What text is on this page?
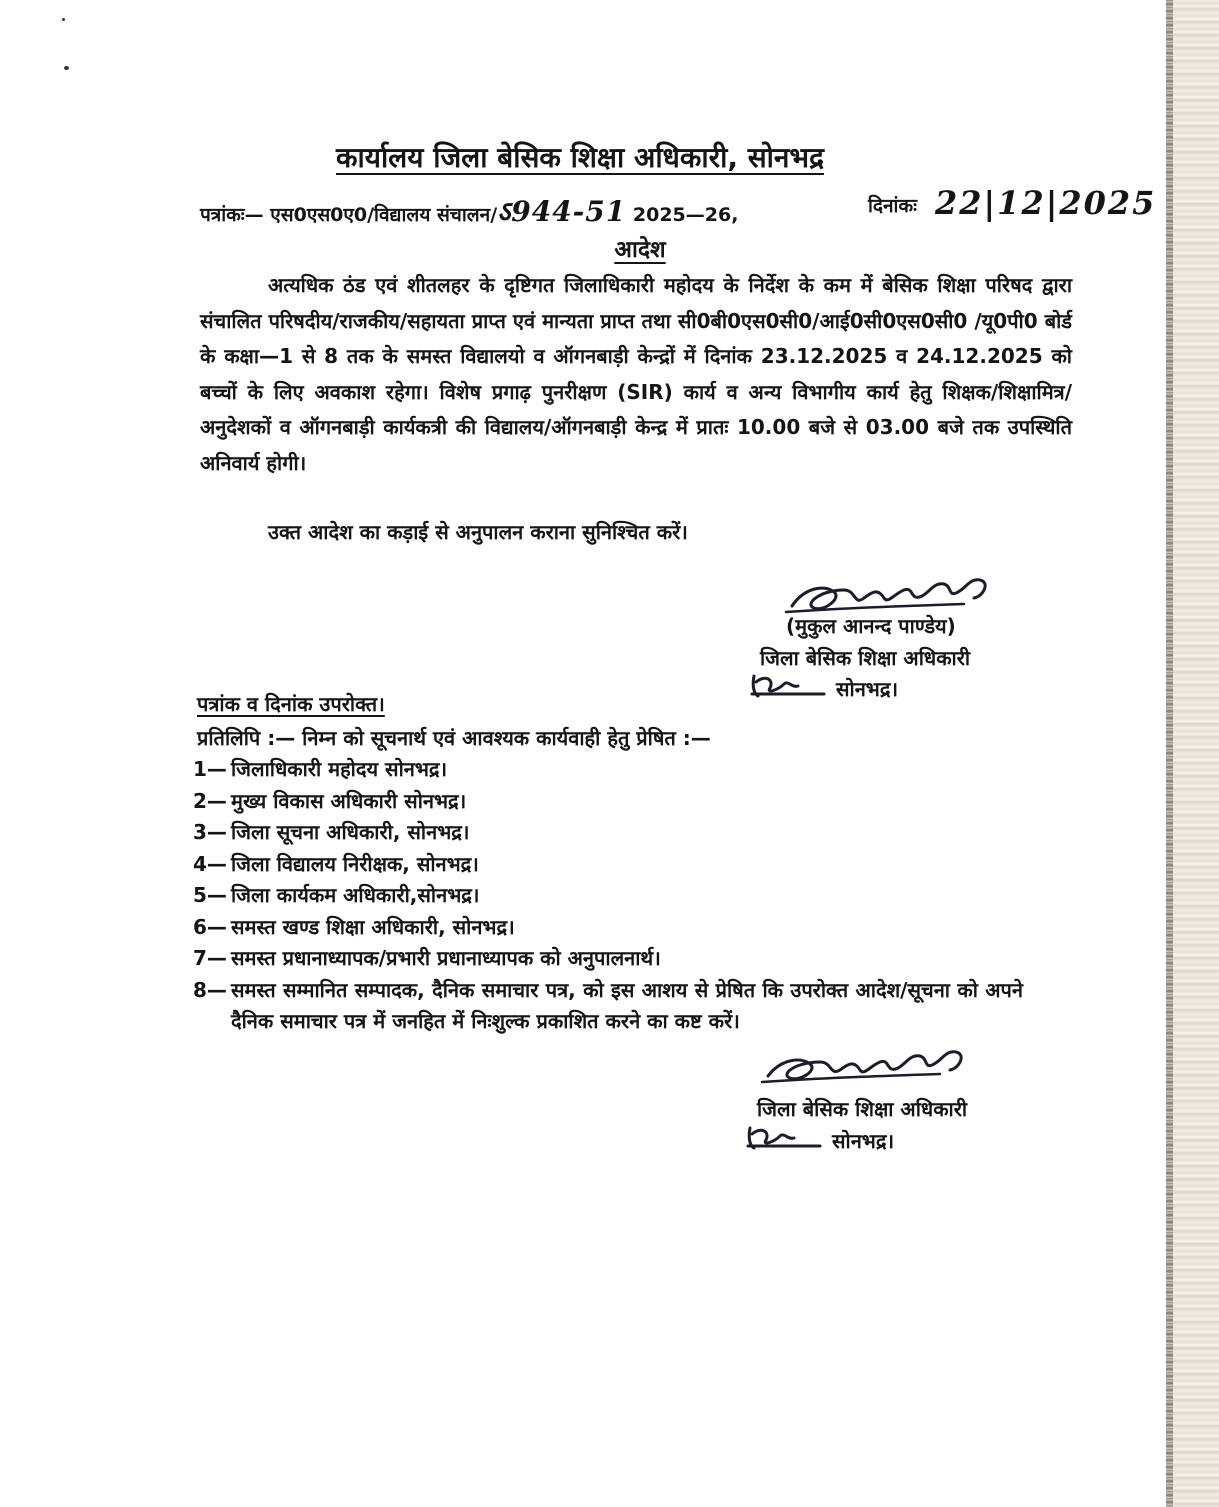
कार्यालय जिला बेसिक शिक्षा अधिकारी, सोनभद्र
पत्रांकः— एस0एस0ए0/विद्यालय संचालन/ऽ944-51 2025—26,	दिनांकः 22|12|2025
आदेश
अत्यधिक ठंड एवं शीतलहर के दृष्टिगत जिलाधिकारी महोदय के निर्देश के कम में बेसिक शिक्षा परिषद द्वारा संचालित परिषदीय/राजकीय/सहायता प्राप्त एवं मान्यता प्राप्त तथा सी0बी0एस0सी0/आई0सी0एस0सी0 /यू0पी0 बोर्ड के कक्षा—1 से 8 तक के समस्त विद्यालयो व ऑगनबाड़ी केन्द्रों में दिनांक 23.12.2025 व 24.12.2025 को बच्चों के लिए अवकाश रहेगा। विशेष प्रगाढ़ पुनरीक्षण (SIR) कार्य व अन्य विभागीय कार्य हेतु शिक्षक/शिक्षामित्र/अनुदेशकों व ऑगनबाड़ी कार्यकत्री की विद्यालय/ऑगनबाड़ी केन्द्र में प्रातः 10.00 बजे से 03.00 बजे तक उपस्थिति अनिवार्य होगी।
उक्त आदेश का कड़ाई से अनुपालन कराना सुनिश्चित करें।
(मुकुल आनन्द पाण्डेय)
जिला बेसिक शिक्षा अधिकारी
सोनभद्र।
पत्रांक व दिनांक उपरोक्त।
प्रतिलिपि :— निम्न को सूचनार्थ एवं आवश्यक कार्यवाही हेतु प्रेषित :—
1— जिलाधिकारी महोदय सोनभद्र।
2— मुख्य विकास अधिकारी सोनभद्र।
3— जिला सूचना अधिकारी, सोनभद्र।
4— जिला विद्यालय निरीक्षक, सोनभद्र।
5— जिला कार्यकम अधिकारी,सोनभद्र।
6— समस्त खण्ड शिक्षा अधिकारी, सोनभद्र।
7— समस्त प्रधानाध्यापक/प्रभारी प्रधानाध्यापक को अनुपालनार्थ।
8— समस्त सम्मानित सम्पादक, दैनिक समाचार पत्र, को इस आशय से प्रेषित कि उपरोक्त आदेश/सूचना को अपने दैनिक समाचार पत्र में जनहित में निःशुल्क प्रकाशित करने का कष्ट करें।
जिला बेसिक शिक्षा अधिकारी
सोनभद्र।
